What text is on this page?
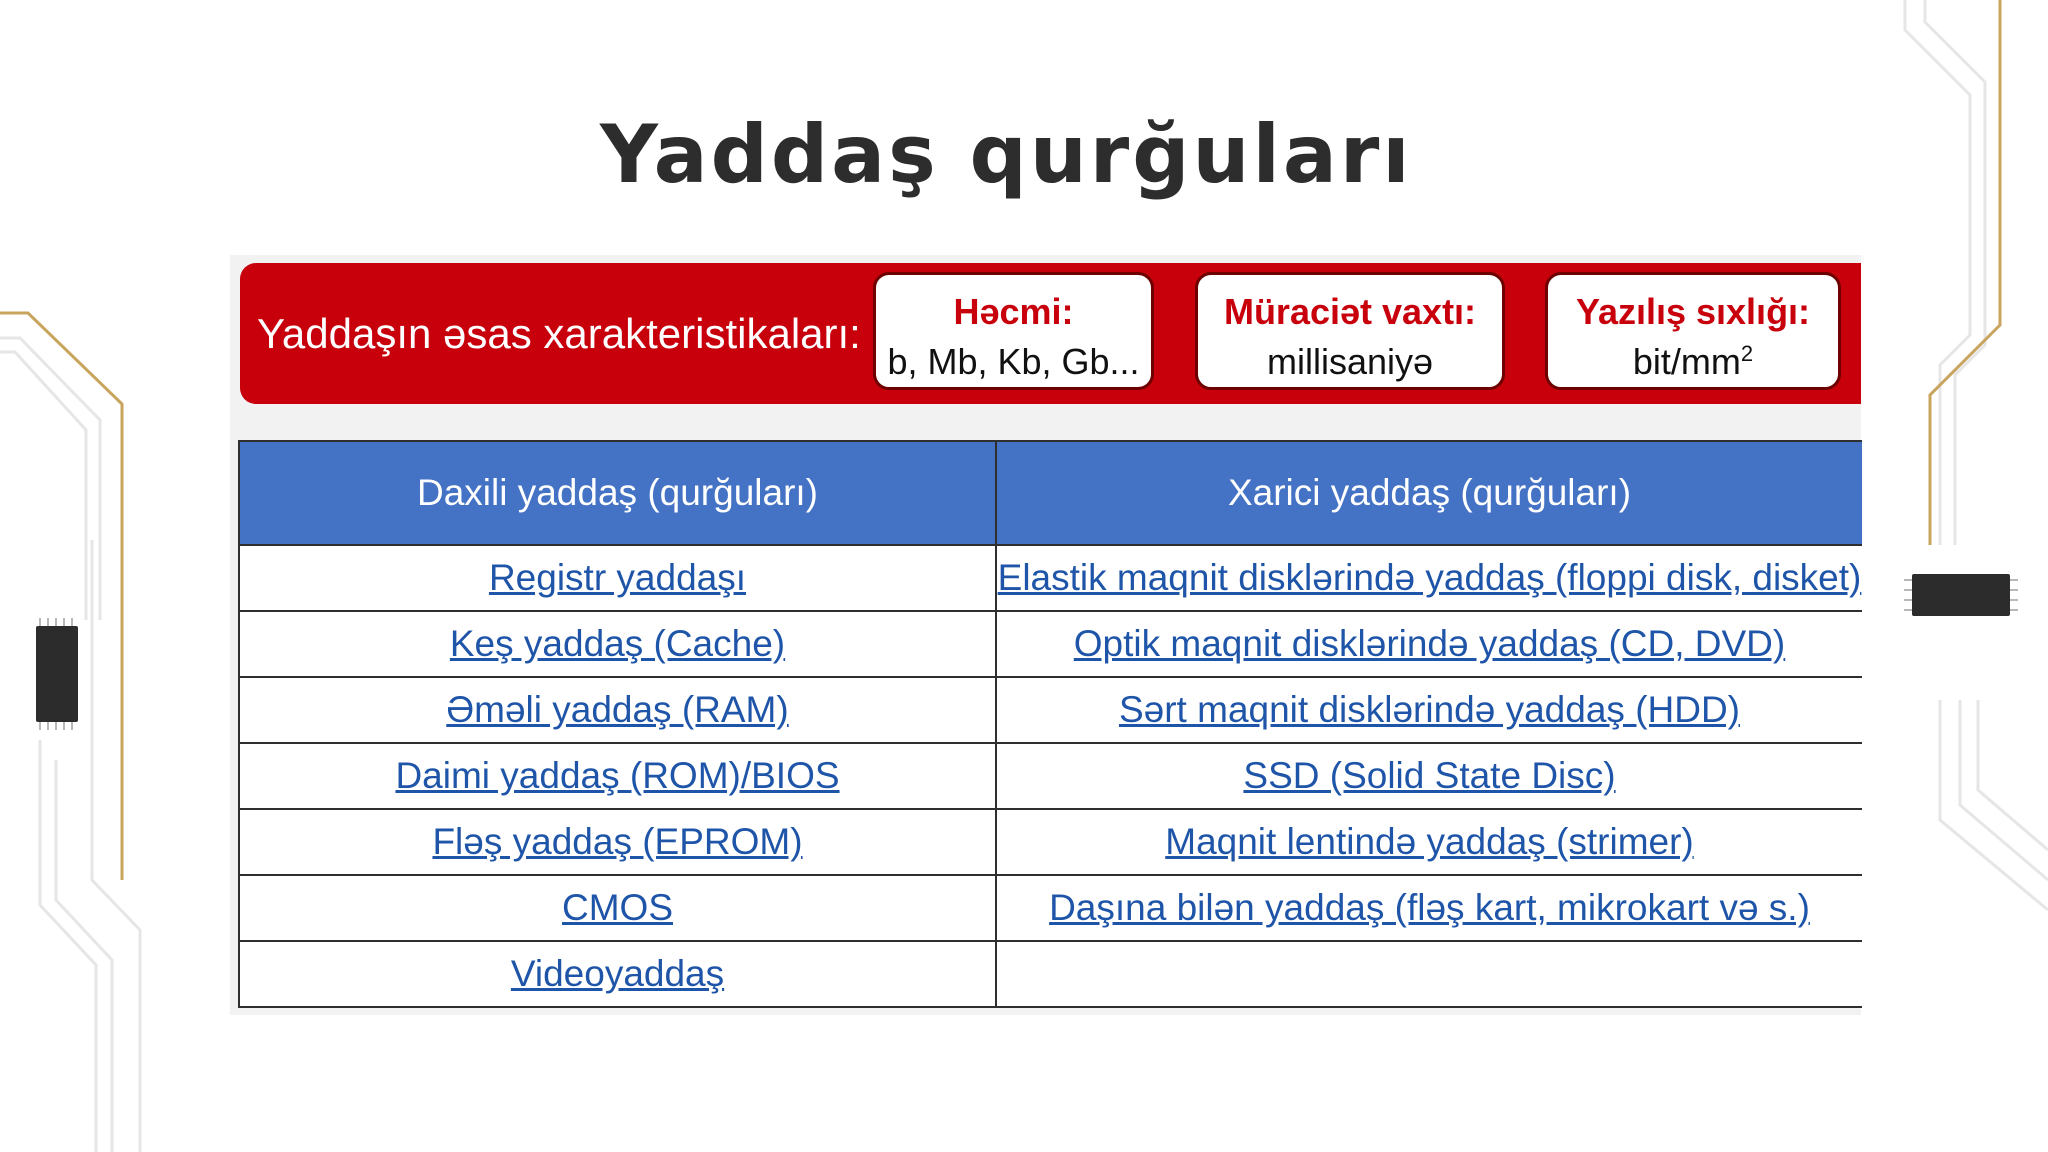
Yaddaş qurğuları
Yaddaşın əsas xarakteristikaları:	Həcmi:
b, Mb, Kb, Gb...
Müraciət vaxtı:
millisaniyə
Yazılış sıxlığı:
bit/$mm^2$
Daxili yaddaş (qurğuları)	Xarici yaddaş (qurğuları)
Registr yaddaşı	Elastik maqnit disklərində yaddaş (floppi disk, disket)
Keş yaddaş (Cache)	Optik maqnit disklərində yaddaş (CD, DVD)
Əməli yaddaş (RAM)	Sərt maqnit disklərində yaddaş (HDD)
Daimi yaddaş (ROM)/BIOS	SSD (Solid State Disc)
Fləş yaddaş (EPROM)	Maqnit lentində yaddaş (strimer)
CMOS	Daşına bilən yaddaş (fləş kart, mikrokart və s.)
Videoyaddaş	
